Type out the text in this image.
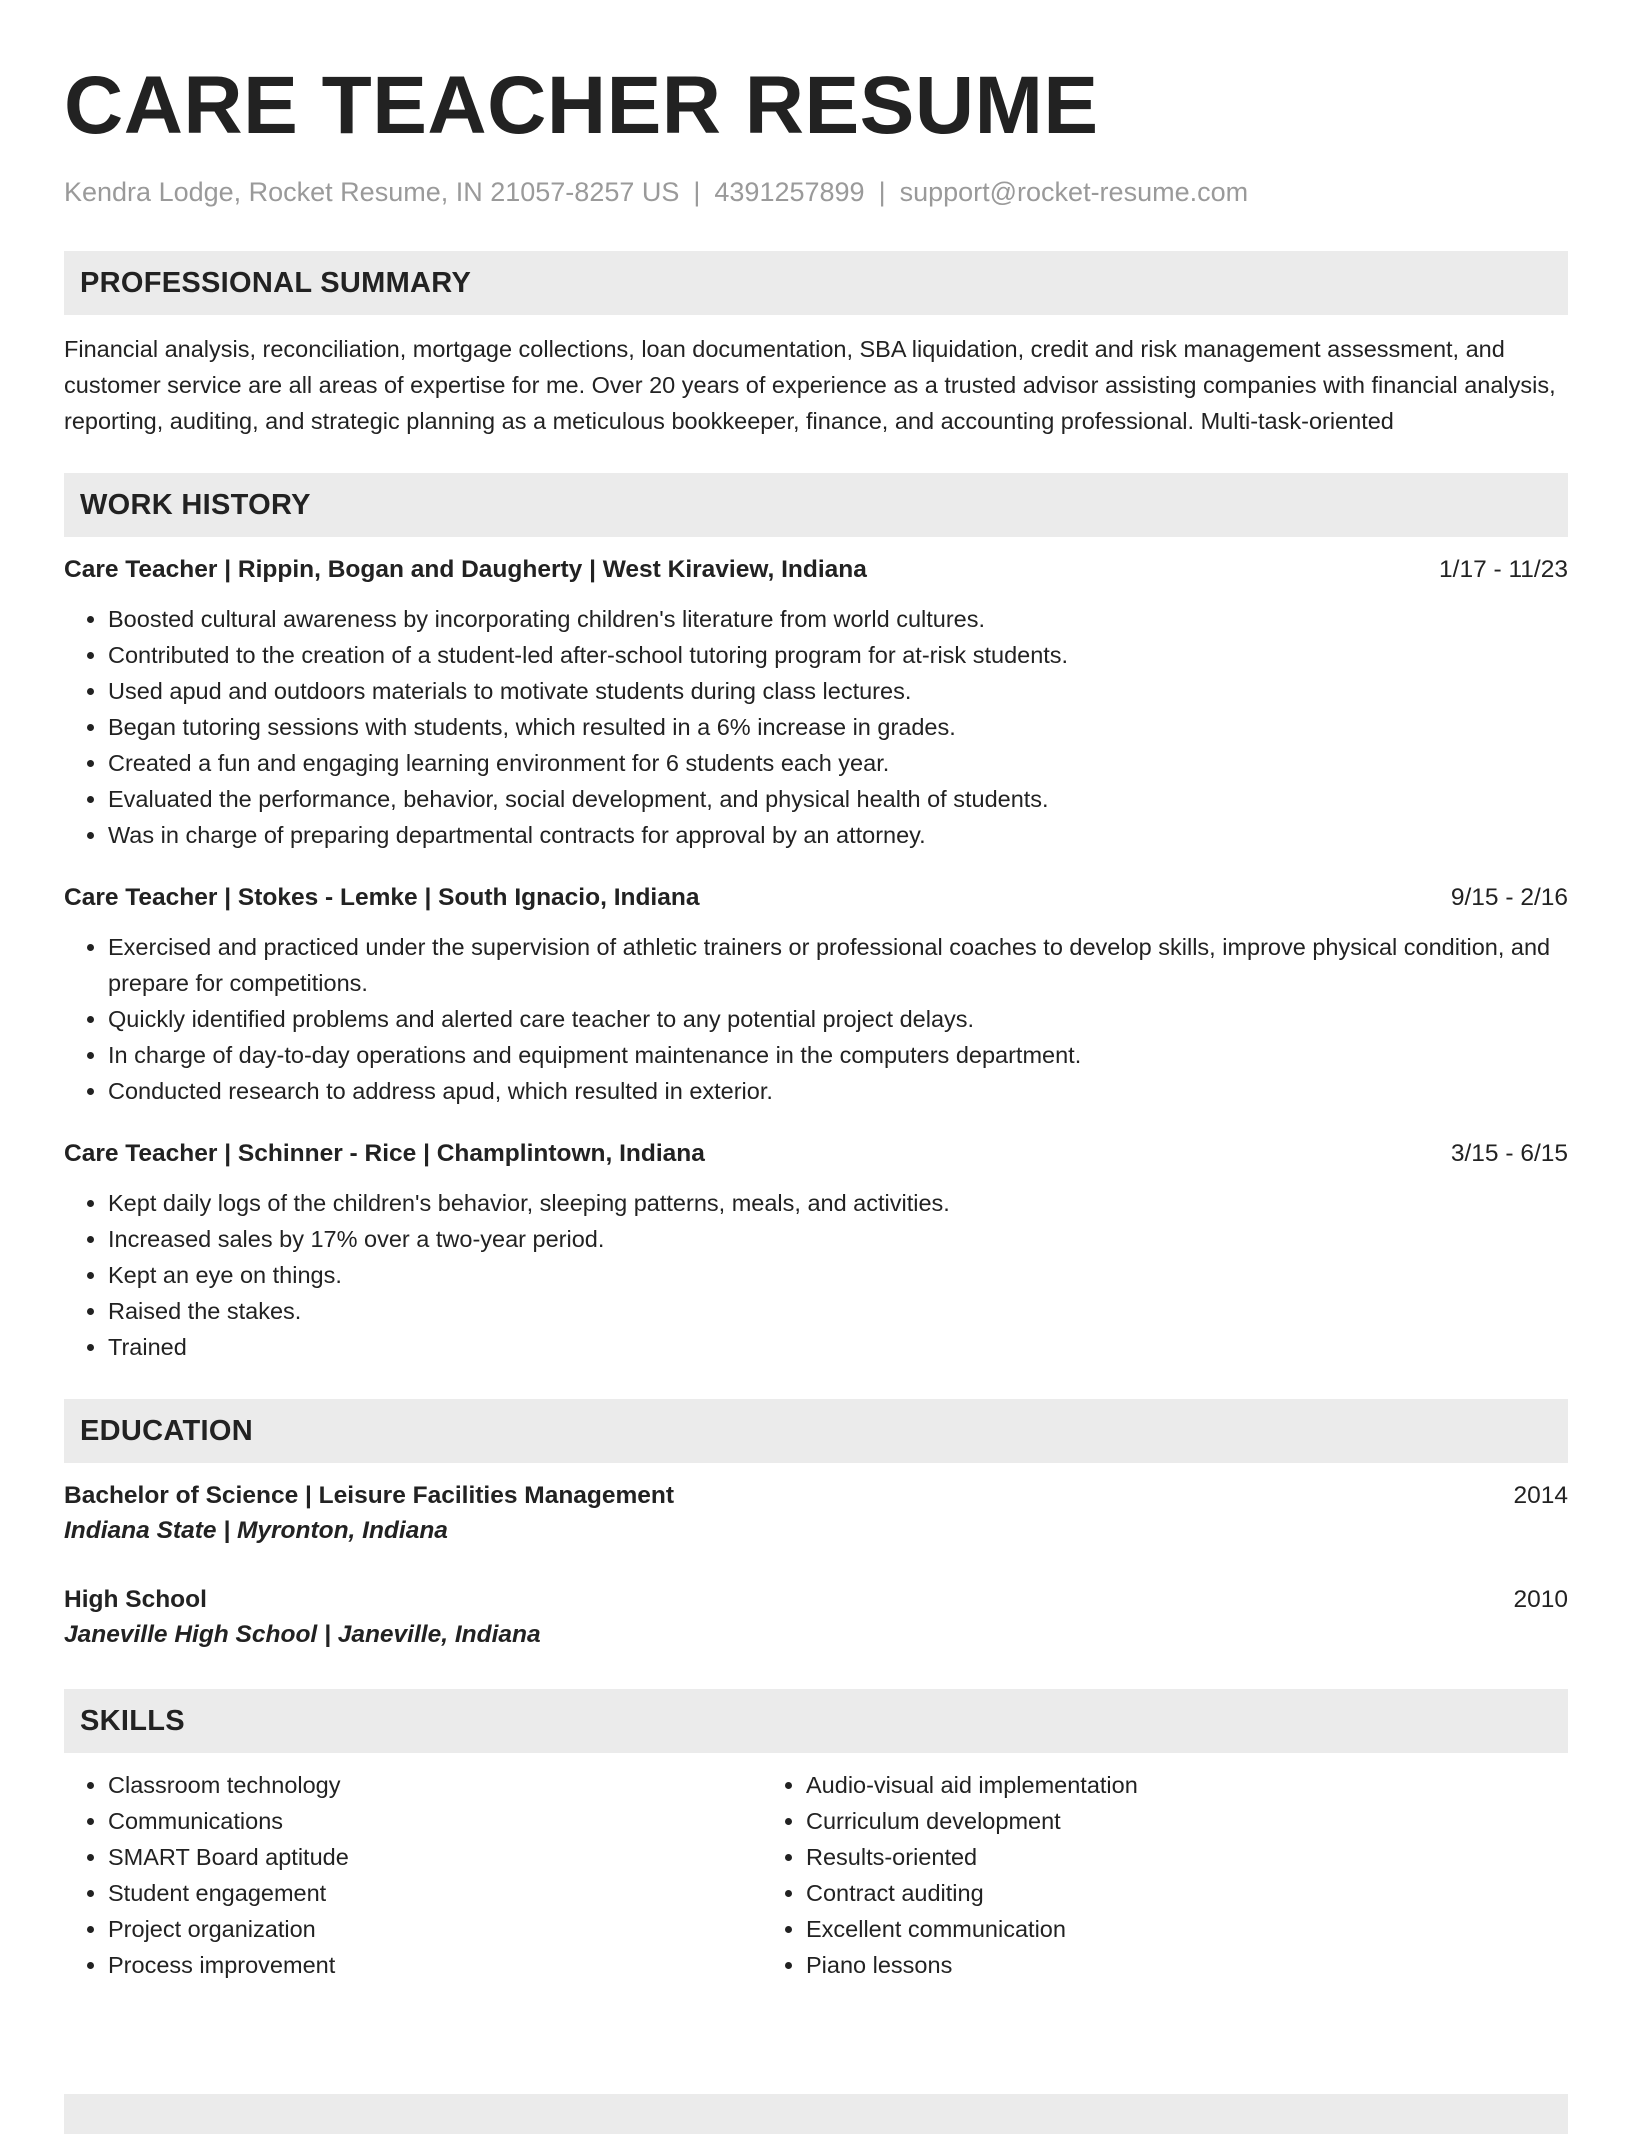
CARE TEACHER RESUME
Kendra Lodge, Rocket Resume, IN 21057-8257 US | 4391257899 | support@rocket-resume.com
PROFESSIONAL SUMMARY
Financial analysis, reconciliation, mortgage collections, loan documentation, SBA liquidation, credit and risk management assessment, and customer service are all areas of expertise for me. Over 20 years of experience as a trusted advisor assisting companies with financial analysis, reporting, auditing, and strategic planning as a meticulous bookkeeper, finance, and accounting professional. Multi-task-oriented
WORK HISTORY
Care Teacher | Rippin, Bogan and Daugherty | West Kiraview, Indiana	1/17 - 11/23
• Boosted cultural awareness by incorporating children's literature from world cultures.
• Contributed to the creation of a student-led after-school tutoring program for at-risk students.
• Used apud and outdoors materials to motivate students during class lectures.
• Began tutoring sessions with students, which resulted in a 6% increase in grades.
• Created a fun and engaging learning environment for 6 students each year.
• Evaluated the performance, behavior, social development, and physical health of students.
• Was in charge of preparing departmental contracts for approval by an attorney.
Care Teacher | Stokes - Lemke | South Ignacio, Indiana	9/15 - 2/16
• Exercised and practiced under the supervision of athletic trainers or professional coaches to develop skills, improve physical condition, and prepare for competitions.
• Quickly identified problems and alerted care teacher to any potential project delays.
• In charge of day-to-day operations and equipment maintenance in the computers department.
• Conducted research to address apud, which resulted in exterior.
Care Teacher | Schinner - Rice | Champlintown, Indiana	3/15 - 6/15
• Kept daily logs of the children's behavior, sleeping patterns, meals, and activities.
• Increased sales by 17% over a two-year period.
• Kept an eye on things.
• Raised the stakes.
• Trained
EDUCATION
Bachelor of Science | Leisure Facilities Management	2014
Indiana State | Myronton, Indiana
High School	2010
Janeville High School | Janeville, Indiana
SKILLS
• Classroom technology
• Communications
• SMART Board aptitude
• Student engagement
• Project organization
• Process improvement
• Audio-visual aid implementation
• Curriculum development
• Results-oriented
• Contract auditing
• Excellent communication
• Piano lessons
